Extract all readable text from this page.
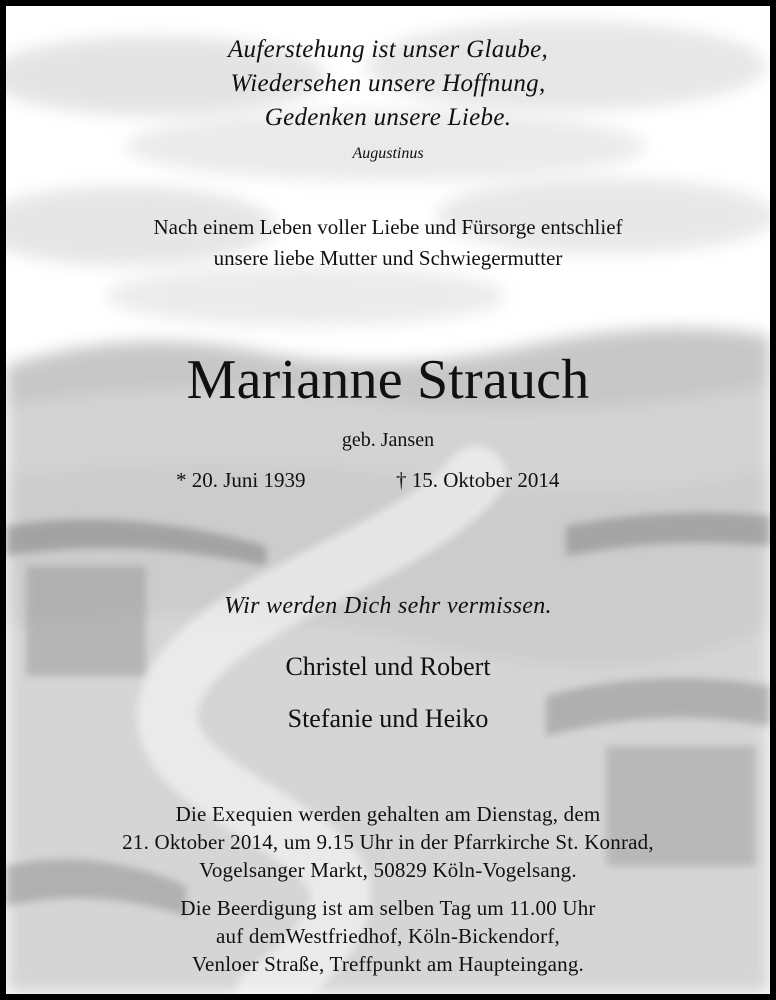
Auferstehung ist unser Glaube,
Wiedersehen unsere Hoffnung,
Gedenken unsere Liebe.
Augustinus
Nach einem Leben voller Liebe und Fürsorge entschlief
unsere liebe Mutter und Schwiegermutter
Marianne Strauch
geb. Jansen
* 20. Juni 1939	† 15. Oktober 2014
Wir werden Dich sehr vermissen.
Christel und Robert
Stefanie und Heiko
Die Exequien werden gehalten am Dienstag, dem
21. Oktober 2014, um 9.15 Uhr in der Pfarrkirche St. Konrad,
Vogelsanger Markt, 50829 Köln-Vogelsang.
Die Beerdigung ist am selben Tag um 11.00 Uhr
auf demWestfriedhof, Köln-Bickendorf,
Venloer Straße, Treffpunkt am Haupteingang.
